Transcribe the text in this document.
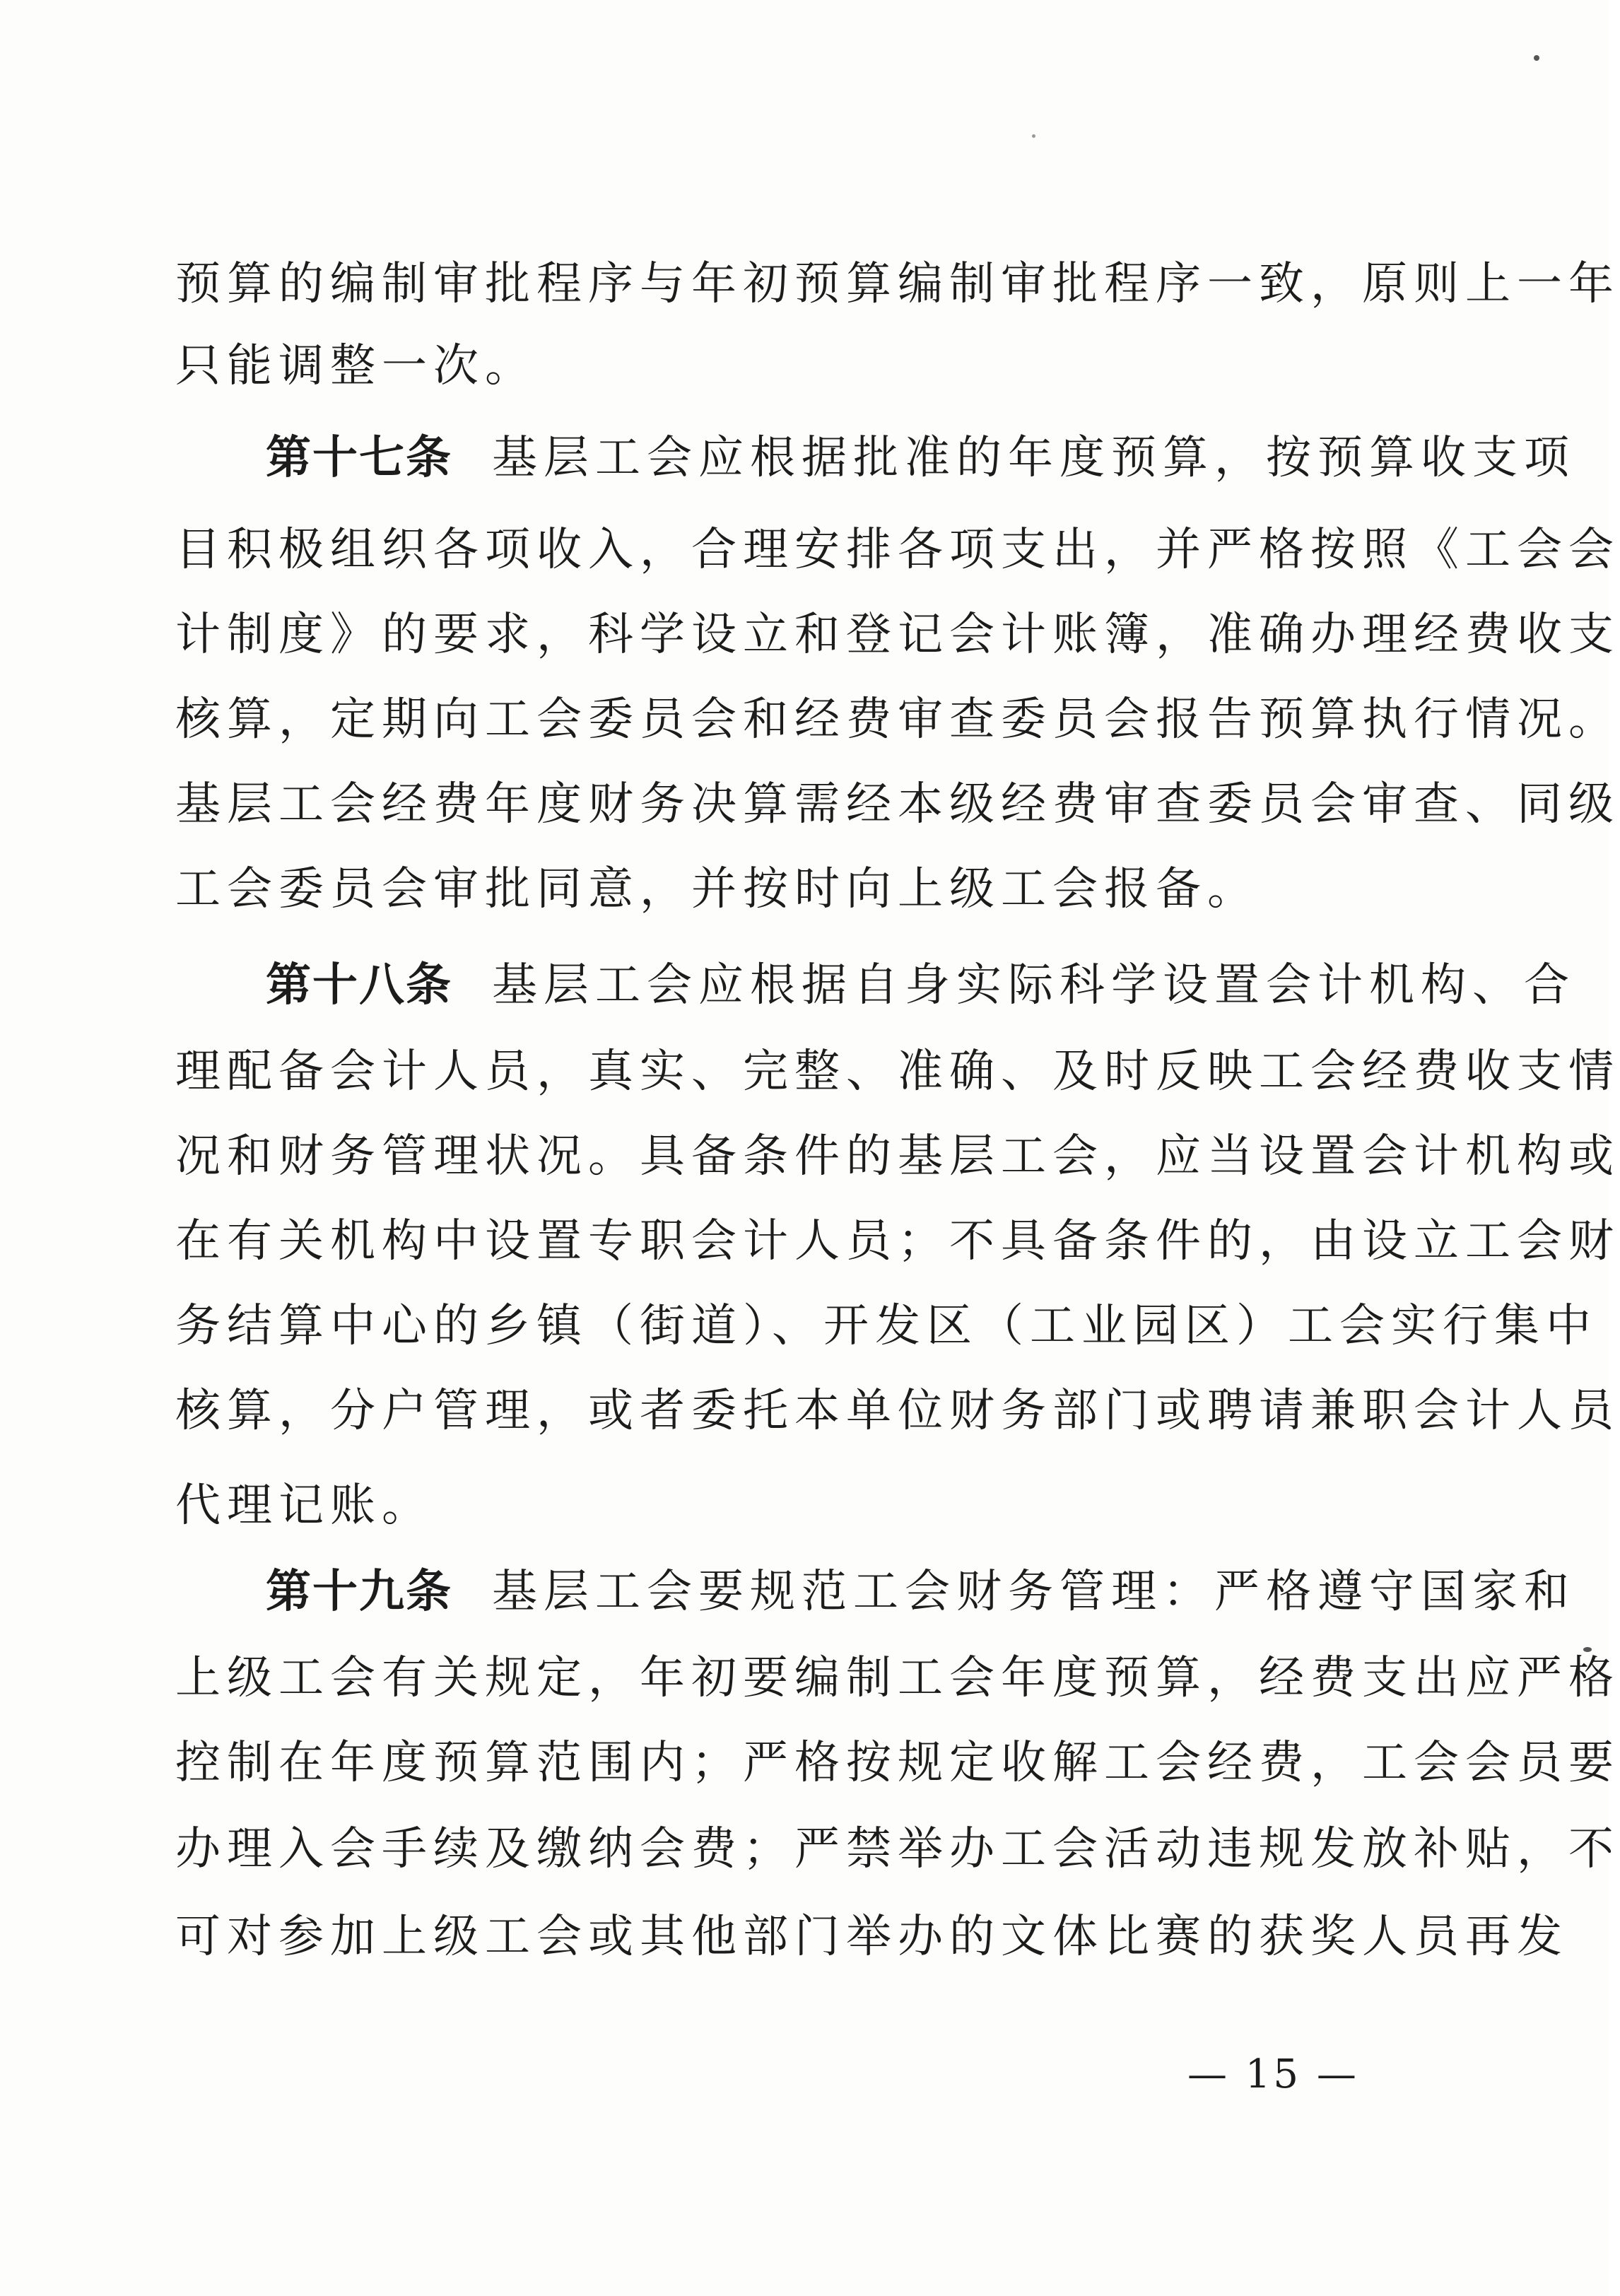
预算的编制审批程序与年初预算编制审批程序一致，原则上一年
只能调整一次。
第十七条 基层工会应根据批准的年度预算，按预算收支项
目积极组织各项收入，合理安排各项支出，并严格按照《工会会
计制度》的要求，科学设立和登记会计账簿，准确办理经费收支
核算，定期向工会委员会和经费审查委员会报告预算执行情况。
基层工会经费年度财务决算需经本级经费审查委员会审查、同级
工会委员会审批同意，并按时向上级工会报备。
第十八条 基层工会应根据自身实际科学设置会计机构、合
理配备会计人员，真实、完整、准确、及时反映工会经费收支情
况和财务管理状况。具备条件的基层工会，应当设置会计机构或
在有关机构中设置专职会计人员；不具备条件的，由设立工会财
务结算中心的乡镇（街道）、开发区（工业园区）工会实行集中
核算，分户管理，或者委托本单位财务部门或聘请兼职会计人员
代理记账。
第十九条 基层工会要规范工会财务管理：严格遵守国家和
上级工会有关规定，年初要编制工会年度预算，经费支出应严格
控制在年度预算范围内；严格按规定收解工会经费，工会会员要
办理入会手续及缴纳会费；严禁举办工会活动违规发放补贴，不
可对参加上级工会或其他部门举办的文体比赛的获奖人员再发
— 15 —
